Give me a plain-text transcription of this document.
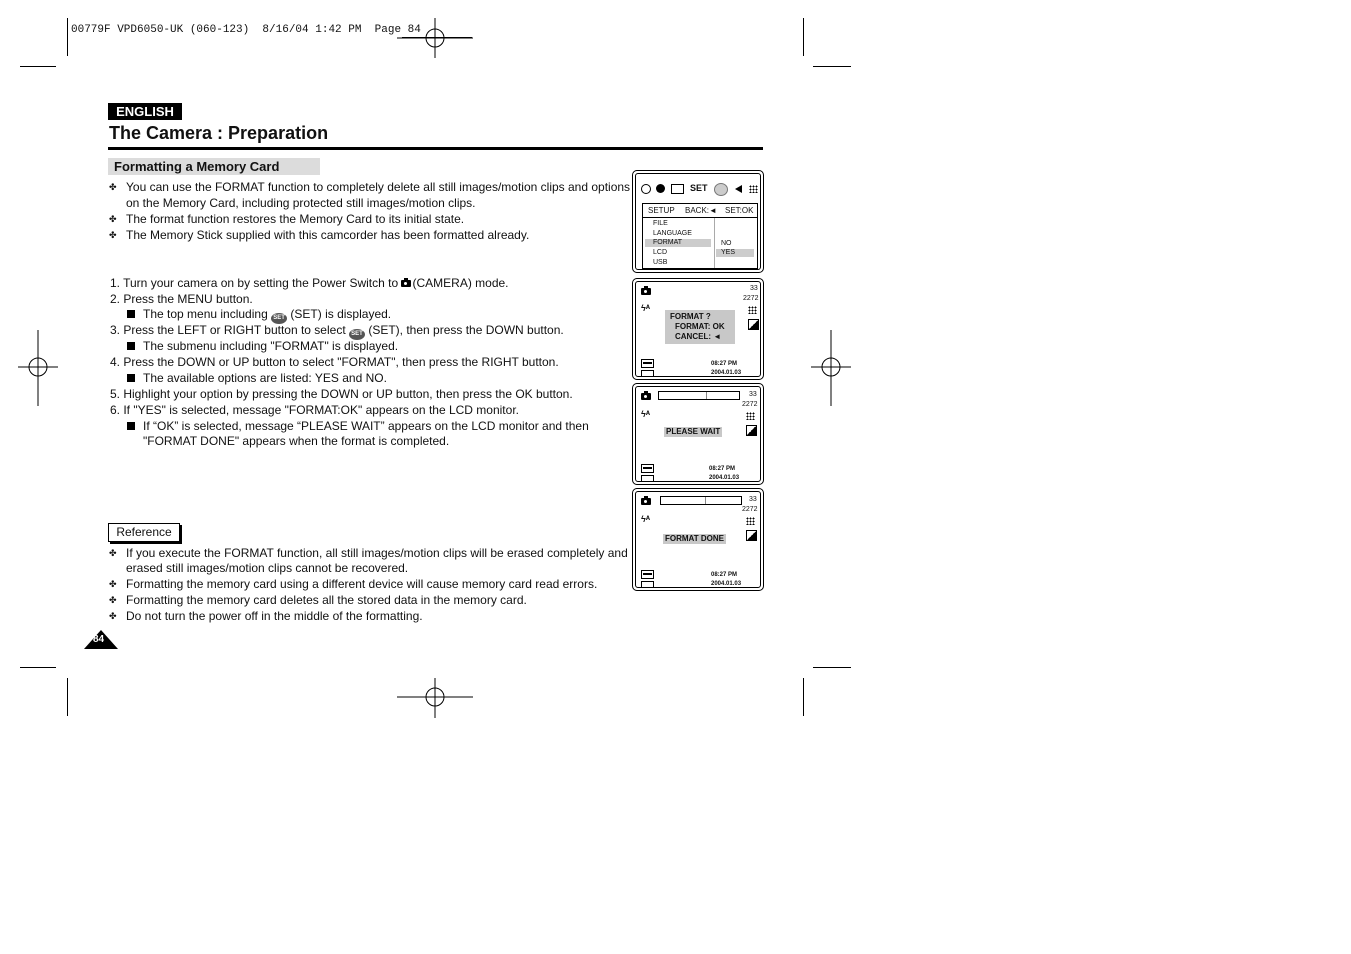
00779F VPD6050-UK (060-123)  8/16/04 1:42 PM  Page 84
ENGLISH
The Camera : Preparation
Formatting a Memory Card
✤ You can use the FORMAT function to completely delete all still images/motion clips and options
on the Memory Card, including protected still images/motion clips.
✤ The format function restores the Memory Card to its initial state.
✤ The Memory Stick supplied with this camcorder has been formatted already.
1. Turn your camera on by setting the Power Switch to (CAMERA) mode.
2. Press the MENU button.
The top menu including SET (SET) is displayed.
3. Press the LEFT or RIGHT button to select SET (SET), then press the DOWN button.
The submenu including "FORMAT" is displayed.
4. Press the DOWN or UP button to select "FORMAT", then press the RIGHT button.
The available options are listed: YES and NO.
5. Highlight your option by pressing the DOWN or UP button, then press the OK button.
6. If "YES" is selected, message "FORMAT:OK" appears on the LCD monitor.
If “OK” is selected, message “PLEASE WAIT” appears on the LCD monitor and then
"FORMAT DONE" appears when the format is completed.
Reference
✤ If you execute the FORMAT function, all still images/motion clips will be erased completely and
erased still images/motion clips cannot be recovered.
✤ Formatting the memory card using a different device will cause memory card read errors.
✤ Formatting the memory card deletes all the stored data in the memory card.
✤ Do not turn the power off in the middle of the formatting.
84
SET
SETUP BACK:◄ SET:OK
FILE
LANGUAGE
FORMAT
LCD
USB
NO
YES
33
2272
ϟᴬ
FORMAT ?
FORMAT: OK
CANCEL: ◄
08:27 PM
2004.01.03
33
2272
ϟᴬ
PLEASE WAIT
08:27 PM
2004.01.03
33
2272
ϟᴬ
FORMAT DONE
08:27 PM
2004.01.03
